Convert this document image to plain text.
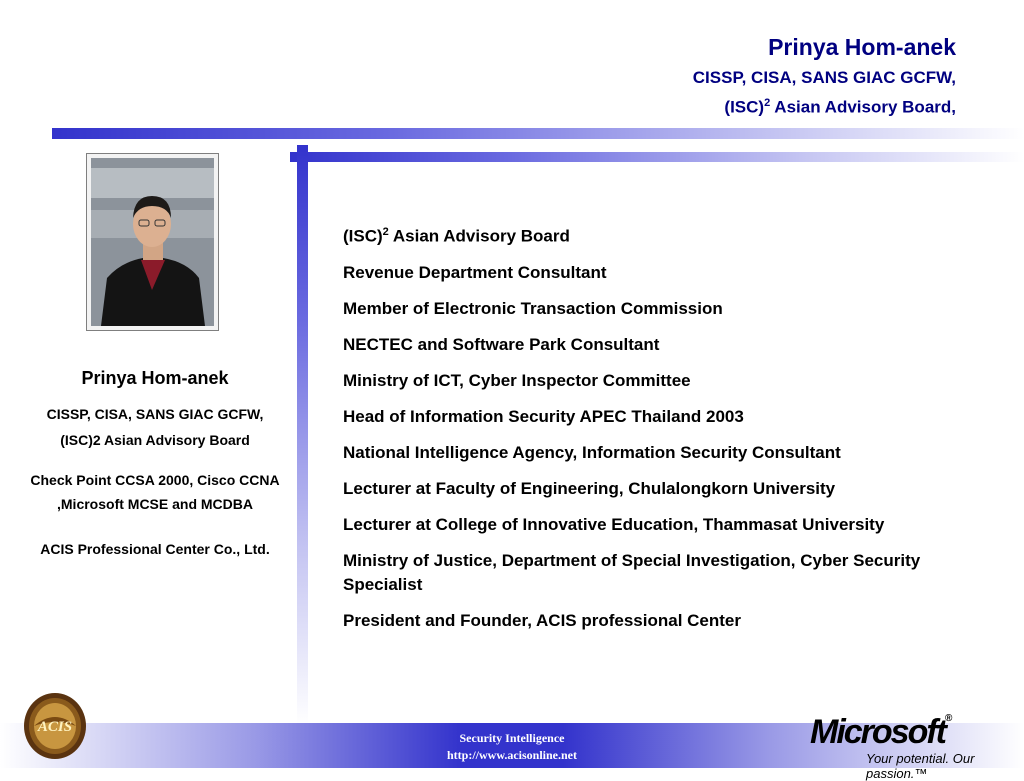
Prinya Hom-anek
CISSP, CISA, SANS GIAC GCFW,
(ISC)$^2$ Asian Advisory Board,
Prinya Hom-anek
CISSP, CISA, SANS GIAC GCFW,
(ISC)2 Asian Advisory Board
Check Point CCSA 2000, Cisco CCNA ,Microsoft MCSE and MCDBA
ACIS Professional Center Co., Ltd.
(ISC)$^2$ Asian Advisory Board
Revenue Department Consultant
Member of Electronic Transaction Commission
NECTEC and Software Park Consultant
Ministry of ICT, Cyber Inspector Committee
Head of Information Security APEC Thailand 2003
National Intelligence Agency, Information Security Consultant
Lecturer at Faculty of Engineering, Chulalongkorn University
Lecturer at College of Innovative Education, Thammasat University
Ministry of Justice, Department of Special Investigation, Cyber Security Specialist
President and Founder, ACIS professional Center
Security Intelligence
http://www.acisonline.net
ACIS	Microsoft®
Your potential. Our passion.™
